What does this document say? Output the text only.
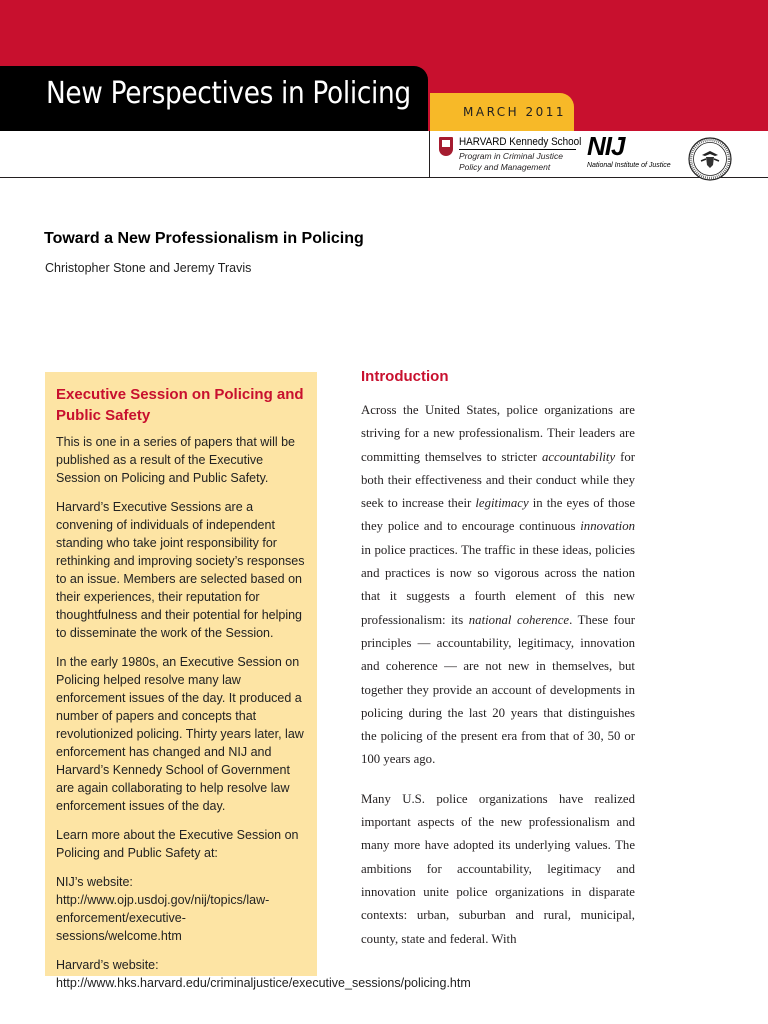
New Perspectives in Policing
MARCH 2011
HARVARD Kennedy School
Program in Criminal Justice
Policy and Management
NIJ
National Institute of Justice
Toward a New Professionalism in Policing
Christopher Stone and Jeremy Travis
Executive Session on Policing and Public Safety

This is one in a series of papers that will be published as a result of the Executive Session on Policing and Public Safety.

Harvard’s Executive Sessions are a convening of individuals of independent standing who take joint responsibility for rethinking and improving society’s responses to an issue. Members are selected based on their experiences, their reputation for thoughtfulness and their potential for helping to disseminate the work of the Session.

In the early 1980s, an Executive Session on Policing helped resolve many law enforcement issues of the day. It produced a number of papers and concepts that revolutionized policing. Thirty years later, law enforcement has changed and NIJ and Harvard’s Kennedy School of Government are again collaborating to help resolve law enforcement issues of the day.

Learn more about the Executive Session on Policing and Public Safety at:

NIJ’s website: http://www.ojp.usdoj.gov/nij/topics/law-enforcement/executive-sessions/welcome.htm

Harvard’s website: http://www.hks.harvard.edu/criminaljustice/executive_sessions/policing.htm

Introduction

Across the United States, police organizations are striving for a new professionalism. Their leaders are committing themselves to stricter accountability for both their effectiveness and their conduct while they seek to increase their legitimacy in the eyes of those they police and to encourage continuous innovation in police practices. The traffic in these ideas, policies and practices is now so vigorous across the nation that it suggests a fourth element of this new professionalism: its national coherence. These four principles — accountability, legitimacy, innovation and coherence — are not new in themselves, but together they provide an account of developments in policing during the last 20 years that distinguishes the policing of the present era from that of 30, 50 or 100 years ago.

Many U.S. police organizations have realized important aspects of the new professionalism and many more have adopted its underlying values. The ambitions for accountability, legitimacy and innovation unite police organizations in disparate contexts: urban, suburban and rural, municipal, county, state and federal. With
